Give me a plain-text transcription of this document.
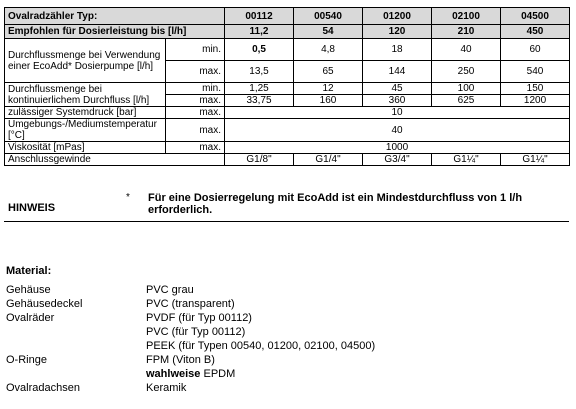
Ovalradzähler Typ:		00112	00540	01200	02100	04500
Empfohlen für Dosierleistung bis [l/h]		11,2	54	120	210	450
Durchflussmenge bei Verwendung einer EcoAdd* Dosierpumpe [l/h]	min.	0,5	4,8	18	40	60
	max.	13,5	65	144	250	540
Durchflussmenge bei kontinuierlichem Durchfluss [l/h]	min.	1,25	12	45	100	150
	max.	33,75	160	360	625	1200
zulässiger Systemdruck [bar]	max.	10				
Umgebungs-/Mediumstemperatur [°C]	max.	40				
Viskosität [mPas]	max.	1000				
Anschlussgewinde		G1/8"	G1/4"	G3/4"	G1¼"	G1¼"
HINWEIS
* Für eine Dosierregelung mit EcoAdd ist ein Mindestdurchfluss von 1 l/h erforderlich.
Material:
Gehäuse	PVC grau
Gehäusedeckel	PVC (transparent)
Ovalräder	PVDF (für Typ 00112)
PVC (für Typ 00112)
PEEK (für Typen 00540, 01200, 02100, 04500)
O-Ringe	FPM (Viton B)
wahlweise EPDM
Ovalradachsen	Keramik
